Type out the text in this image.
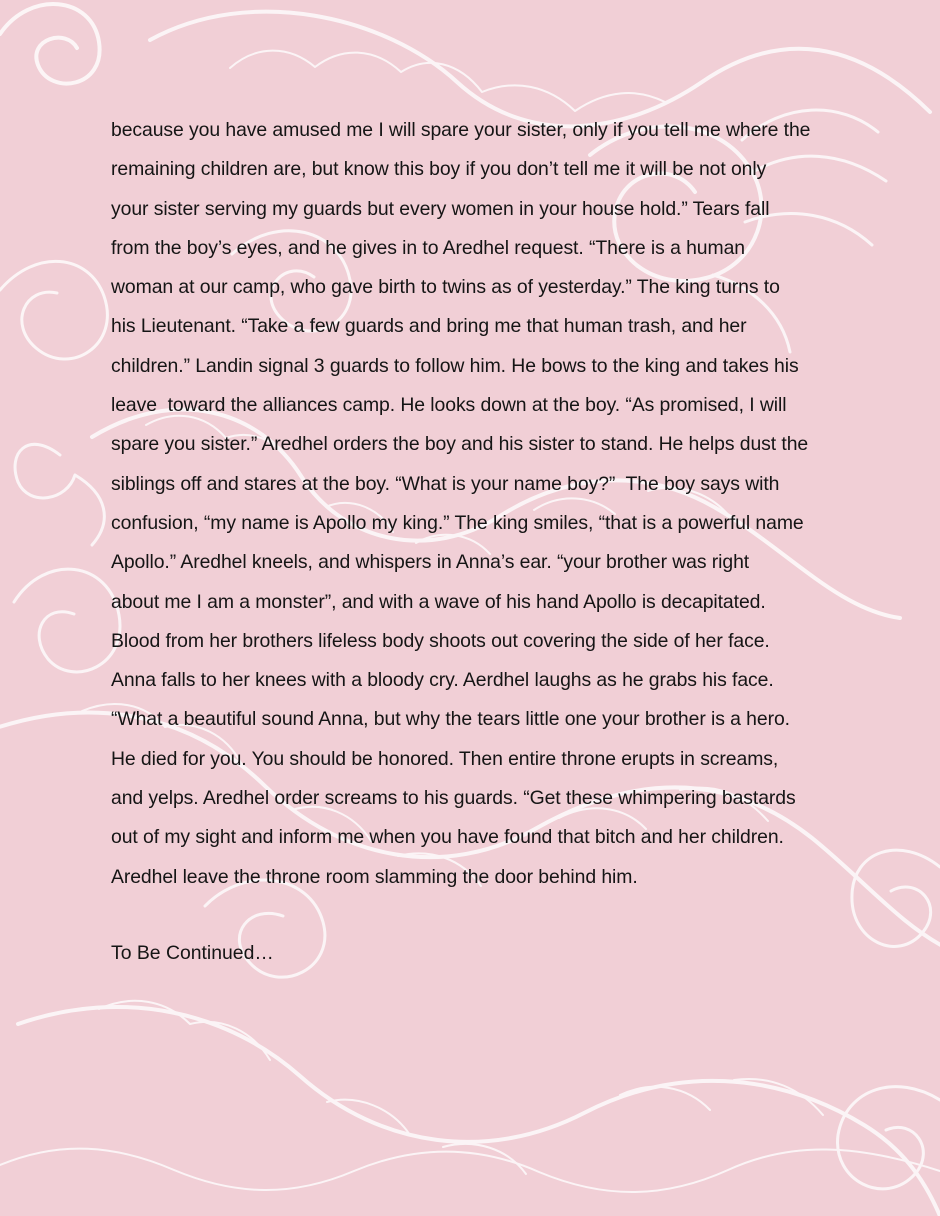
because you have amused me I will spare your sister, only if you tell me where the
remaining children are, but know this boy if you don’t tell me it will be not only
your sister serving my guards but every women in your house hold.” Tears fall
from the boy’s eyes, and he gives in to Aredhel request. “There is a human
woman at our camp, who gave birth to twins as of yesterday.” The king turns to
his Lieutenant. “Take a few guards and bring me that human trash, and her
children.” Landin signal 3 guards to follow him. He bows to the king and takes his
leave  toward the alliances camp. He looks down at the boy. “As promised, I will
spare you sister.” Aredhel orders the boy and his sister to stand. He helps dust the
siblings off and stares at the boy. “What is your name boy?”  The boy says with
confusion, “my name is Apollo my king.” The king smiles, “that is a powerful name
Apollo.” Aredhel kneels, and whispers in Anna’s ear. “your brother was right
about me I am a monster”, and with a wave of his hand Apollo is decapitated.
Blood from her brothers lifeless body shoots out covering the side of her face.
Anna falls to her knees with a bloody cry. Aerdhel laughs as he grabs his face.
“What a beautiful sound Anna, but why the tears little one your brother is a hero.
He died for you. You should be honored. Then entire throne erupts in screams,
and yelps. Aredhel order screams to his guards. “Get these whimpering bastards
out of my sight and inform me when you have found that bitch and her children.
Aredhel leave the throne room slamming the door behind him.

To Be Continued…
